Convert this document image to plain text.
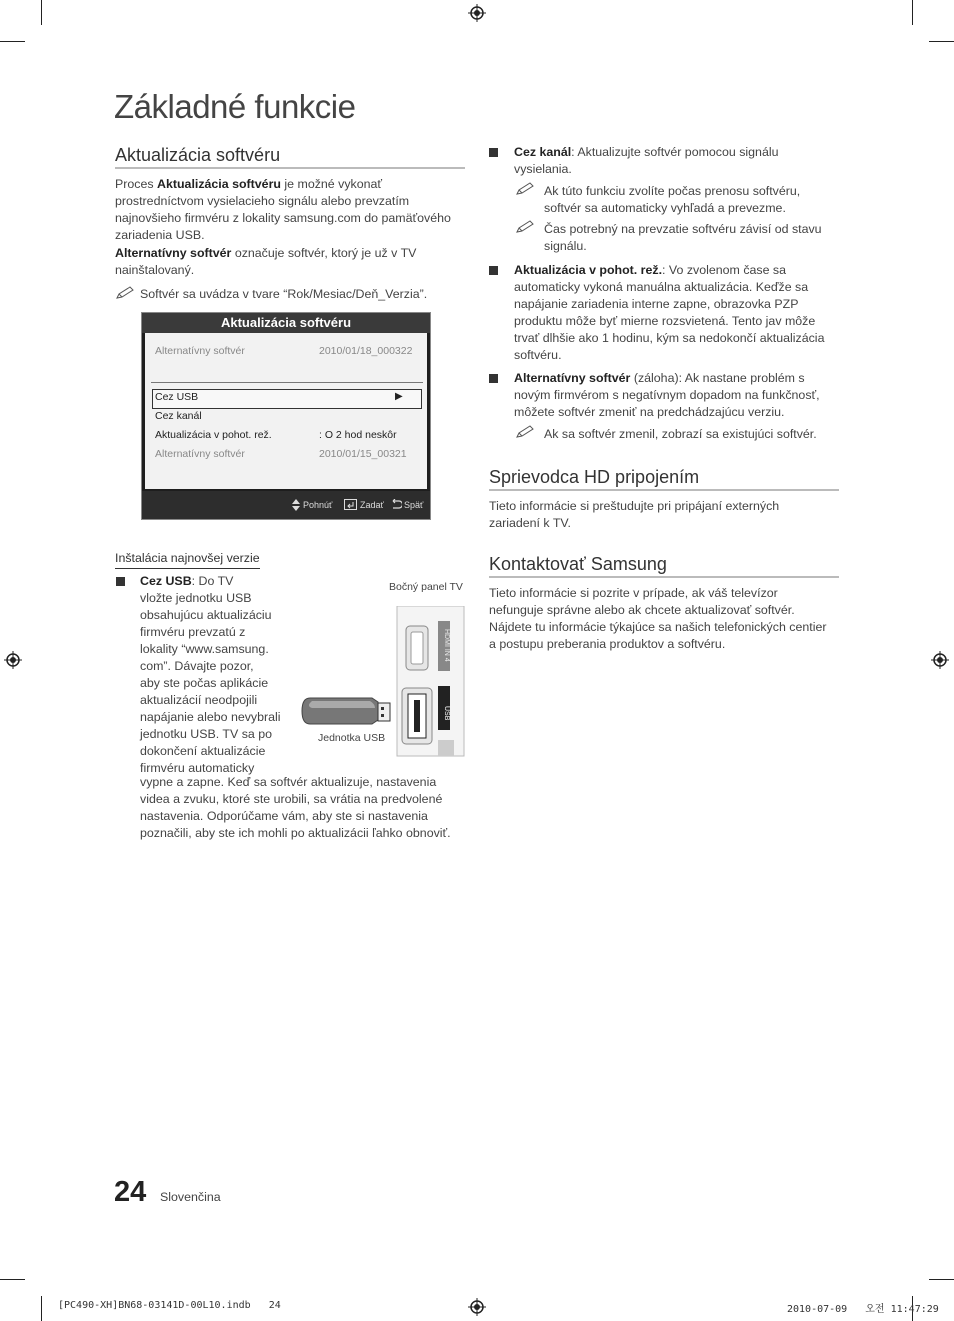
Základné funkcie
Aktualizácia softvéru
Proces Aktualizácia softvéru je možné vykonať
prostredníctvom vysielacieho signálu alebo prevzatím
najnovšieho firmvéru z lokality samsung.com do pamäťového
zariadenia USB.
Alternatívny softvér označuje softvér, ktorý je už v TV
nainštalovaný.
Softvér sa uvádza v tvare “Rok/Mesiac/Deň_Verzia”.
Aktualizácia softvéru
Alternatívny softvér	2010/01/18_000322
Cez USB	▶
Cez kanál
Aktualizácia v pohot. rež.	: O 2 hod neskôr
Alternatívny softvér	2010/01/15_00321
Pohnúť	Zadať Späť
Inštalácia najnovšej verzie
Cez USB: Do TV
vložte jednotku USB
obsahujúcu aktualizáciu
firmvéru prevzatú z
lokality “www.samsung.
com”. Dávajte pozor,
aby ste počas aplikácie
aktualizácií neodpojili
napájanie alebo nevybrali
jednotku USB. TV sa po
dokončení aktualizácie
firmvéru automaticky
vypne a zapne. Keď sa softvér aktualizuje, nastavenia
videa a zvuku, ktoré ste urobili, sa vrátia na predvolené
nastavenia. Odporúčame vám, aby ste si nastavenia
poznačili, aby ste ich mohli po aktualizácii ľahko obnoviť.
Bočný panel TV
HDMI IN 4
USB
Jednotka USB
Cez kanál: Aktualizujte softvér pomocou signálu
vysielania.
Ak túto funkciu zvolíte počas prenosu softvéru,
softvér sa automaticky vyhľadá a prevezme.
Čas potrebný na prevzatie softvéru závisí od stavu
signálu.
Aktualizácia v pohot. rež.: Vo zvolenom čase sa
automaticky vykoná manuálna aktualizácia. Keďže sa
napájanie zariadenia interne zapne, obrazovka PZP
produktu môže byť mierne rozsvietená. Tento jav môže
trvať dlhšie ako 1 hodinu, kým sa nedokončí aktualizácia
softvéru.
Alternatívny softvér (záloha): Ak nastane problém s
novým firmvérom s negatívnym dopadom na funkčnosť,
môžete softvér zmeniť na predchádzajúcu verziu.
Ak sa softvér zmenil, zobrazí sa existujúci softvér.
Sprievodca HD pripojením
Tieto informácie si preštudujte pri pripájaní externých
zariadení k TV.
Kontaktovať Samsung
Tieto informácie si pozrite v prípade, ak váš televízor
nefunguje správne alebo ak chcete aktualizovať softvér.
Nájdete tu informácie týkajúce sa našich telefonických centier
a postupu preberania produktov a softvéru.
24 Slovenčina
[PC490-XH]BN68-03141D-00L10.indb   24	2010-07-09   오전 11:47:29
